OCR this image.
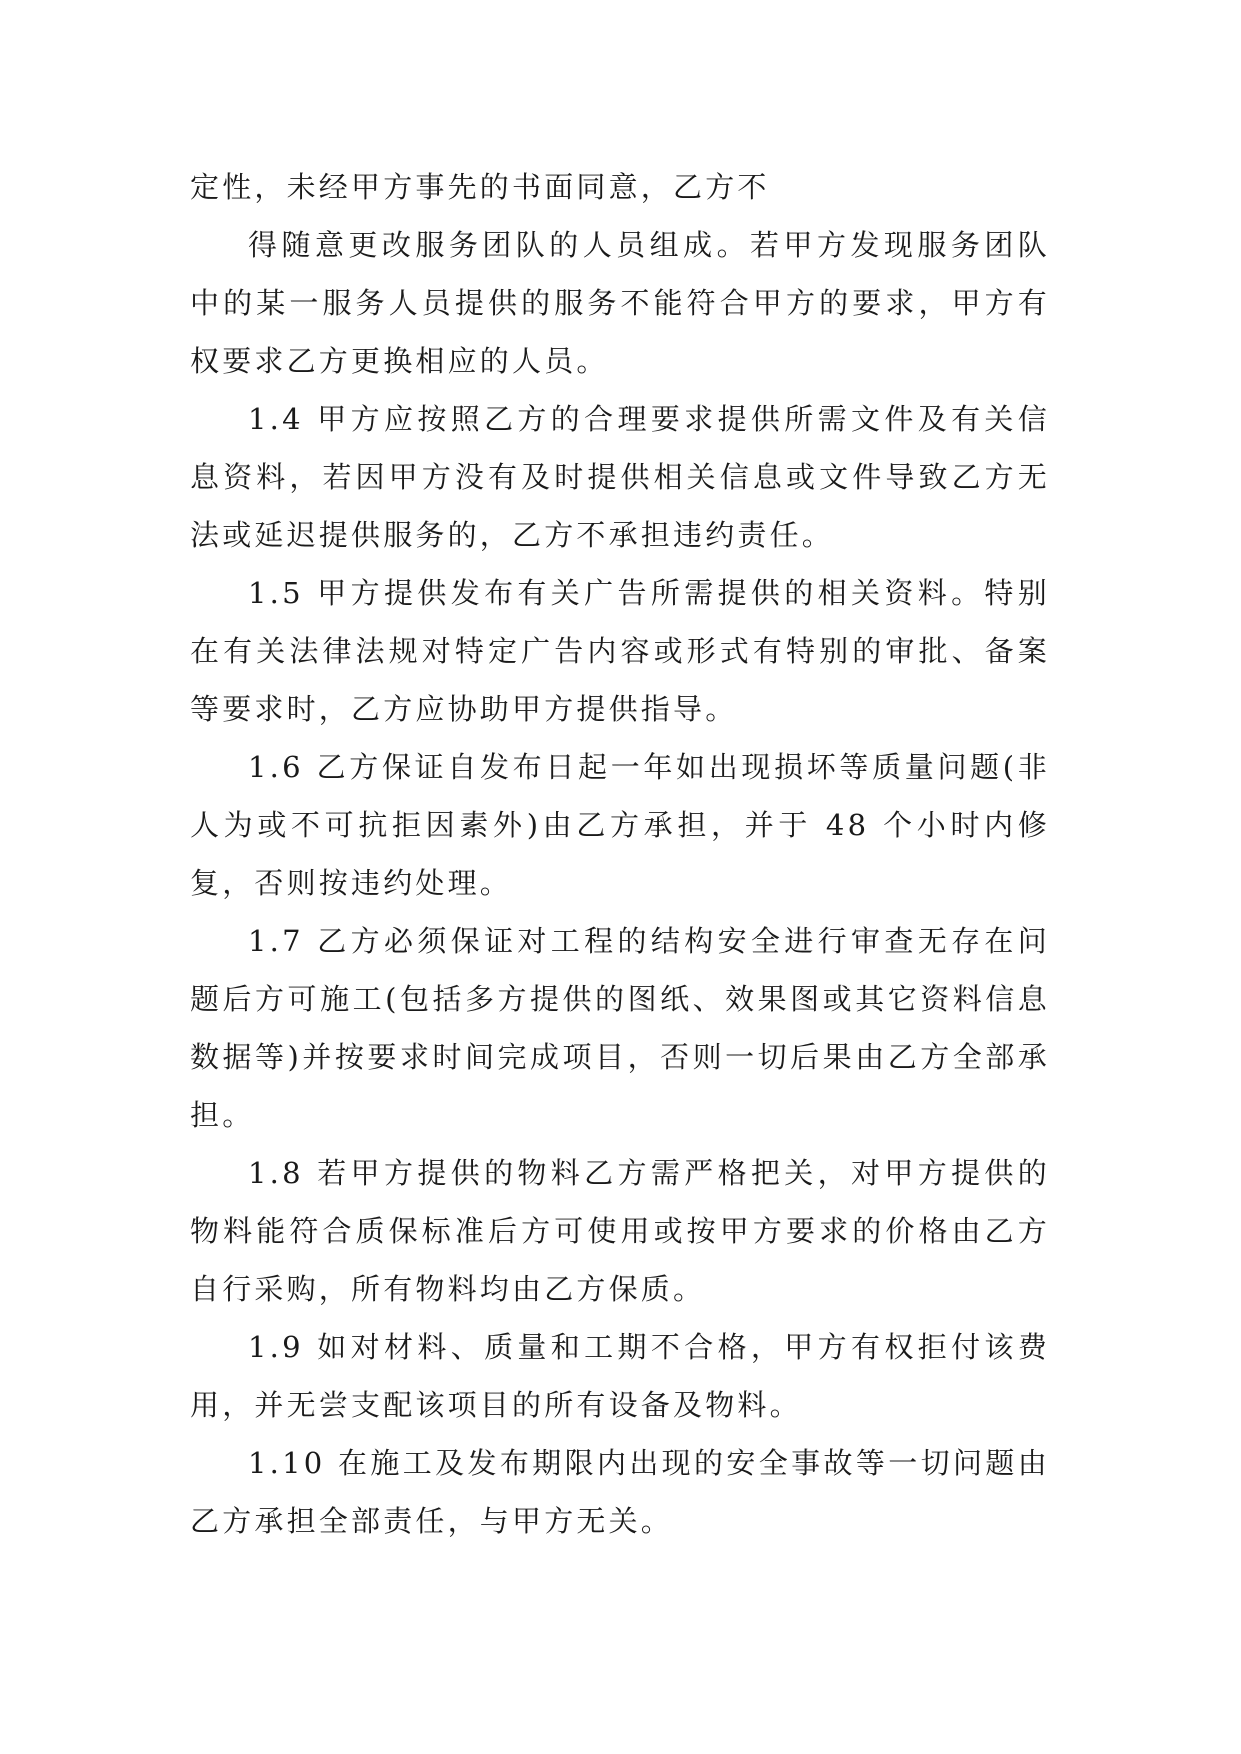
定性，未经甲方事先的书面同意，乙方不

得随意更改服务团队的人员组成。若甲方发现服务团队中的某一服务人员提供的服务不能符合甲方的要求，甲方有权要求乙方更换相应的人员。

1.4 甲方应按照乙方的合理要求提供所需文件及有关信息资料，若因甲方没有及时提供相关信息或文件导致乙方无法或延迟提供服务的，乙方不承担违约责任。

1.5 甲方提供发布有关广告所需提供的相关资料。特别在有关法律法规对特定广告内容或形式有特别的审批、备案等要求时，乙方应协助甲方提供指导。

1.6 乙方保证自发布日起一年如出现损坏等质量问题(非人为或不可抗拒因素外)由乙方承担，并于 48 个小时内修复，否则按违约处理。

1.7 乙方必须保证对工程的结构安全进行审查无存在问题后方可施工(包括多方提供的图纸、效果图或其它资料信息数据等)并按要求时间完成项目，否则一切后果由乙方全部承担。

1.8 若甲方提供的物料乙方需严格把关，对甲方提供的物料能符合质保标准后方可使用或按甲方要求的价格由乙方自行采购，所有物料均由乙方保质。

1.9 如对材料、质量和工期不合格，甲方有权拒付该费用，并无尝支配该项目的所有设备及物料。

1.10 在施工及发布期限内出现的安全事故等一切问题由乙方承担全部责任，与甲方无关。
